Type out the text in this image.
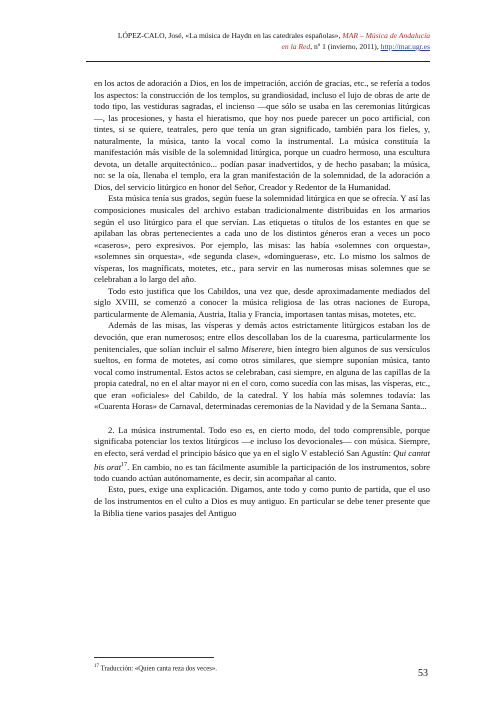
LÓPEZ-CALO, José, «La música de Haydn en las catedrales españolas», MAR – Música de Andalucía
en la Red, nº 1 (invierno, 2011), http://mar.ugr.es

en los actos de adoración a Dios, en los de impetración, acción de gracias, etc., se refería a todos los aspectos: la construcción de los templos, su grandiosidad, incluso el lujo de obras de arte de todo tipo, las vestiduras sagradas, el incienso —que sólo se usaba en las ceremonias litúrgicas—, las procesiones, y hasta el hieratismo, que hoy nos puede parecer un poco artificial, con tintes, si se quiere, teatrales, pero que tenía un gran significado, también para los fieles, y, naturalmente, la música, tanto la vocal como la instrumental. La música constituía la manifestación más visible de la solemnidad litúrgica, porque un cuadro hermoso, una escultura devota, un detalle arquitectónico... podían pasar inadvertidos, y de hecho pasaban; la música, no: se la oía, llenaba el templo, era la gran manifestación de la solemnidad, de la adoración a Dios, del servicio litúrgico en honor del Señor, Creador y Redentor de la Humanidad.

Esta música tenía sus grados, según fuese la solemnidad litúrgica en que se ofrecía. Y así las composiciones musicales del archivo estaban tradicionalmente distribuidas en los armarios según el uso litúrgico para el que servían. Las etiquetas o títulos de los estantes en que se apilaban las obras pertenecientes a cada uno de los distintos géneros eran a veces un poco «caseros», pero expresivos. Por ejemplo, las misas: las había «solemnes con orquesta», «solemnes sin orquesta», «de segunda clase», «domingueras», etc. Lo mismo los salmos de vísperas, los magníficats, motetes, etc., para servir en las numerosas misas solemnes que se celebraban a lo largo del año.

Todo esto justifica que los Cabildos, una vez que, desde aproximadamente mediados del siglo XVIII, se comenzó a conocer la música religiosa de las otras naciones de Europa, particularmente de Alemania, Austria, Italia y Francia, importasen tantas misas, motetes, etc.

Además de las misas, las vísperas y demás actos estrictamente litúrgicos estaban los de devoción, que eran numerosos; entre ellos descollaban los de la cuaresma, particularmente los penitenciales, que solían incluir el salmo Miserere, bien íntegro bien algunos de sus versículos sueltos, en forma de motetes, así como otros similares, que siempre suponían música, tanto vocal como instrumental. Estos actos se celebraban, casi siempre, en alguna de las capillas de la propia catedral, no en el altar mayor ni en el coro, como sucedía con las misas, las vísperas, etc., que eran «oficiales» del Cabildo, de la catedral. Y los había más solemnes todavía: las «Cuarenta Horas» de Carnaval, determinadas ceremonias de la Navidad y de la Semana Santa...

2. La música instrumental. Todo eso es, en cierto modo, del todo comprensible, porque significaba potenciar los textos litúrgicos —e incluso los devocionales— con música. Siempre, en efecto, será verdad el principio básico que ya en el siglo V estableció San Agustín: Qui cantat bis orat$^{17}$. En cambio, no es tan fácilmente asumible la participación de los instrumentos, sobre todo cuando actúan autónomamente, es decir, sin acompañar al canto.

Esto, pues, exige una explicación. Digamos, ante todo y como punto de partida, que el uso de los instrumentos en el culto a Dios es muy antiguo. En particular se debe tener presente que la Biblia tiene varios pasajes del Antiguo

$^{17}$ Traducción: «Quien canta reza dos veces».	53
